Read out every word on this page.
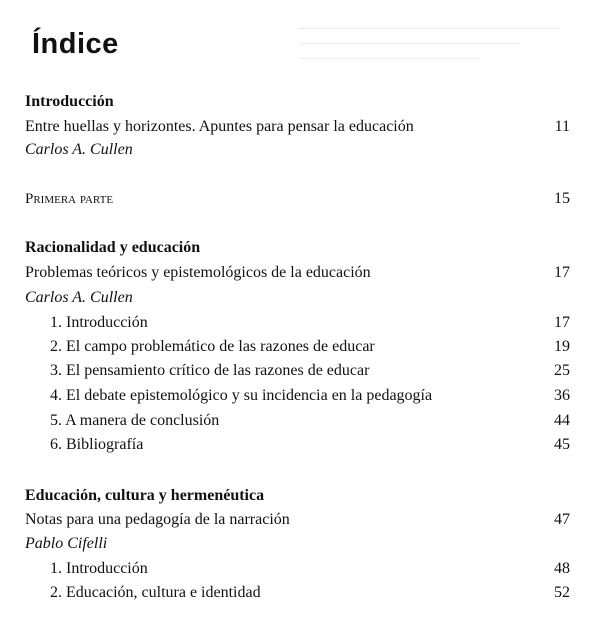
Índice
Introducción
Entre huellas y horizontes. Apuntes para pensar la educación	11
Carlos A. Cullen
Primera parte	15
Racionalidad y educación
Problemas teóricos y epistemológicos de la educación	17
Carlos A. Cullen
1. Introducción	17
2. El campo problemático de las razones de educar	19
3. El pensamiento crítico de las razones de educar	25
4. El debate epistemológico y su incidencia en la pedagogía	36
5. A manera de conclusión	44
6. Bibliografía	45
Educación, cultura y hermenéutica
Notas para una pedagogía de la narración	47
Pablo Cifelli
1. Introducción	48
2. Educación, cultura e identidad	52
